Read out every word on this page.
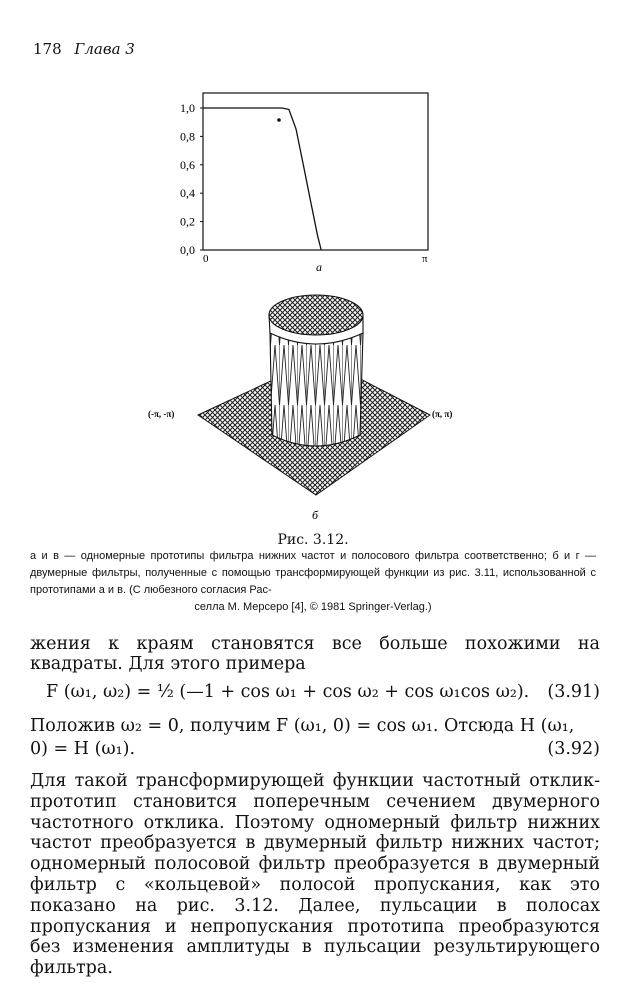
178 Глава 3
1,0
0,8
0,6
0,4
0,2
0,0
0	π
а
(-π, -π)	(π, π)
б
Рис. 3.12.
а и в — одномерные прототипы фильтра нижних частот и полосового фильтра соответственно; б и г — двумерные фильтры, полученные с помощью трансформирующей функции из рис. 3.11, использованной с прототипами а и в. (С любезного согласия Рас-
селла М. Мерсеро [4], © 1981 Springer-Verlag.)
жения к краям становятся все больше похожими на квадраты. Для этого примера
F (ω₁, ω₂) = ½ (—1 + cos ω₁ + cos ω₂ + cos ω₁cos ω₂). (3.91)
Положив ω₂ = 0, получим F (ω₁, 0) = cos ω₁. Отсюда H (ω₁,
0) = H (ω₁).	(3.92)
Для такой трансформирующей функции частотный отклик-прототип становится поперечным сечением двумерного частотного отклика. Поэтому одномерный фильтр нижних частот преобразуется в двумерный фильтр нижних частот; одномерный полосовой фильтр преобразуется в двумерный фильтр с «кольцевой» полосой пропускания, как это показано на рис. 3.12. Далее, пульсации в полосах пропускания и непропускания прототипа преобразуются без изменения амплитуды в пульсации результирующего фильтра.
